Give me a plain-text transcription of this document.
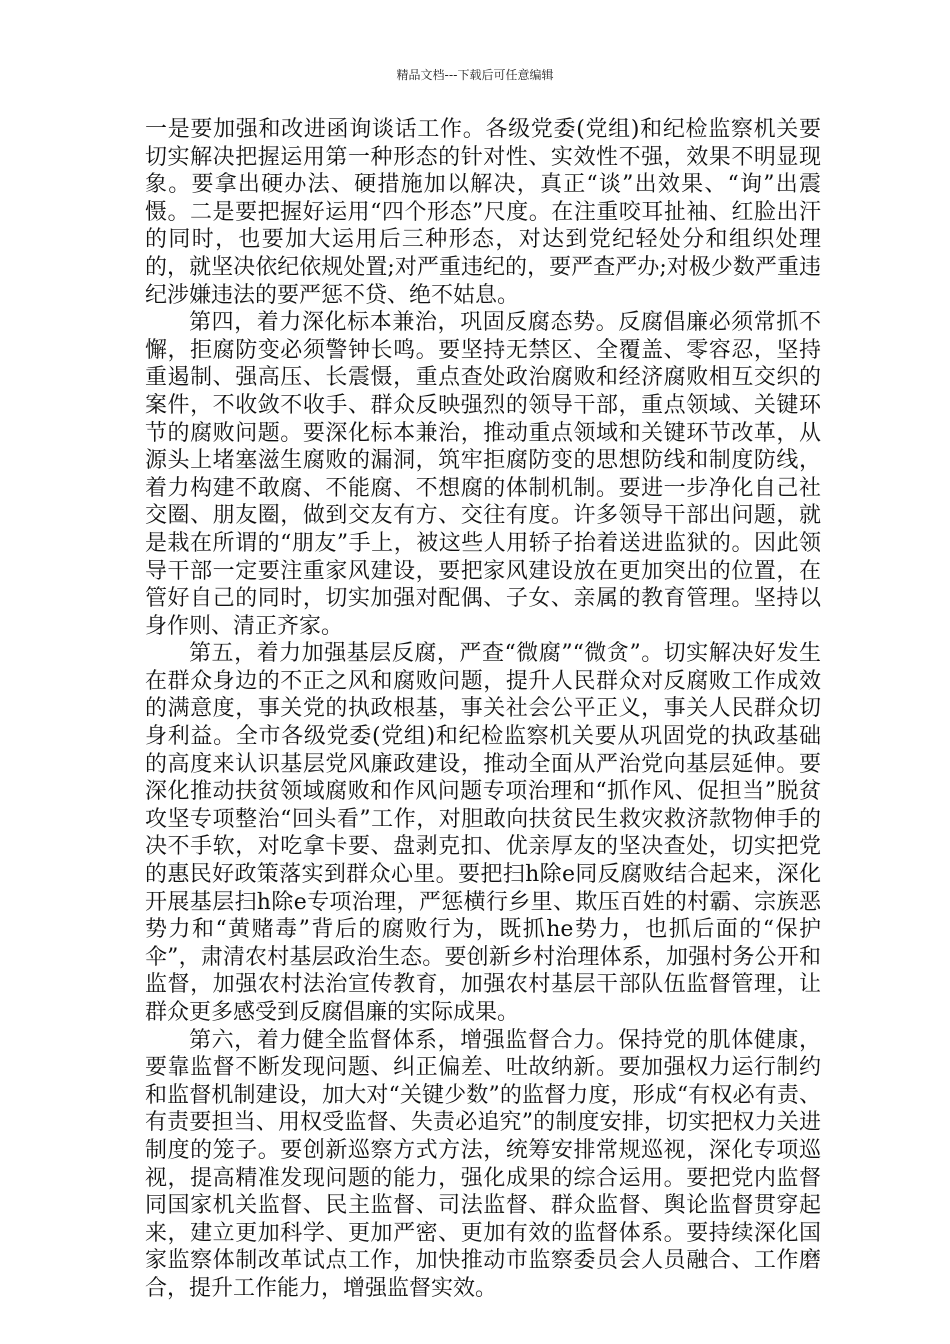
精品文档---下载后可任意编辑

一是要加强和改进函询谈话工作。各级党委(党组)和纪检监察机关要切实解决把握运用第一种形态的针对性、实效性不强，效果不明显现象。要拿出硬办法、硬措施加以解决，真正“谈”出效果、“询”出震慑。二是要把握好运用“四个形态”尺度。在注重咬耳扯袖、红脸出汗的同时，也要加大运用后三种形态，对达到党纪轻处分和组织处理的，就坚决依纪依规处置;对严重违纪的，要严查严办;对极少数严重违纪涉嫌违法的要严惩不贷、绝不姑息。

第四，着力深化标本兼治，巩固反腐态势。反腐倡廉必须常抓不懈，拒腐防变必须警钟长鸣。要坚持无禁区、全覆盖、零容忍，坚持重遏制、强高压、长震慑，重点查处政治腐败和经济腐败相互交织的案件，不收敛不收手、群众反映强烈的领导干部，重点领域、关键环节的腐败问题。要深化标本兼治，推动重点领域和关键环节改革，从源头上堵塞滋生腐败的漏洞，筑牢拒腐防变的思想防线和制度防线，着力构建不敢腐、不能腐、不想腐的体制机制。要进一步净化自己社交圈、朋友圈，做到交友有方、交往有度。许多领导干部出问题，就是栽在所谓的“朋友”手上，被这些人用轿子抬着送进监狱的。因此领导干部一定要注重家风建设，要把家风建设放在更加突出的位置，在管好自己的同时，切实加强对配偶、子女、亲属的教育管理。坚持以身作则、清正齐家。

第五，着力加强基层反腐，严查“微腐”“微贪”。切实解决好发生在群众身边的不正之风和腐败问题，提升人民群众对反腐败工作成效的满意度，事关党的执政根基，事关社会公平正义，事关人民群众切身利益。全市各级党委(党组)和纪检监察机关要从巩固党的执政基础的高度来认识基层党风廉政建设，推动全面从严治党向基层延伸。要深化推动扶贫领域腐败和作风问题专项治理和“抓作风、促担当”脱贫攻坚专项整治“回头看”工作，对胆敢向扶贫民生救灾救济款物伸手的决不手软，对吃拿卡要、盘剥克扣、优亲厚友的坚决查处，切实把党的惠民好政策落实到群众心里。要把扫h除e同反腐败结合起来，深化开展基层扫h除e专项治理，严惩横行乡里、欺压百姓的村霸、宗族恶势力和“黄赌毒”背后的腐败行为，既抓he势力，也抓后面的“保护伞”，肃清农村基层政治生态。要创新乡村治理体系，加强村务公开和监督，加强农村法治宣传教育，加强农村基层干部队伍监督管理，让群众更多感受到反腐倡廉的实际成果。

第六，着力健全监督体系，增强监督合力。保持党的肌体健康，要靠监督不断发现问题、纠正偏差、吐故纳新。要加强权力运行制约和监督机制建设，加大对“关键少数”的监督力度，形成“有权必有责、有责要担当、用权受监督、失责必追究”的制度安排，切实把权力关进制度的笼子。要创新巡察方式方法，统筹安排常规巡视，深化专项巡视，提高精准发现问题的能力，强化成果的综合运用。要把党内监督同国家机关监督、民主监督、司法监督、群众监督、舆论监督贯穿起来，建立更加科学、更加严密、更加有效的监督体系。要持续深化国家监察体制改革试点工作，加快推动市监察委员会人员融合、工作磨合，提升工作能力，增强监督实效。
